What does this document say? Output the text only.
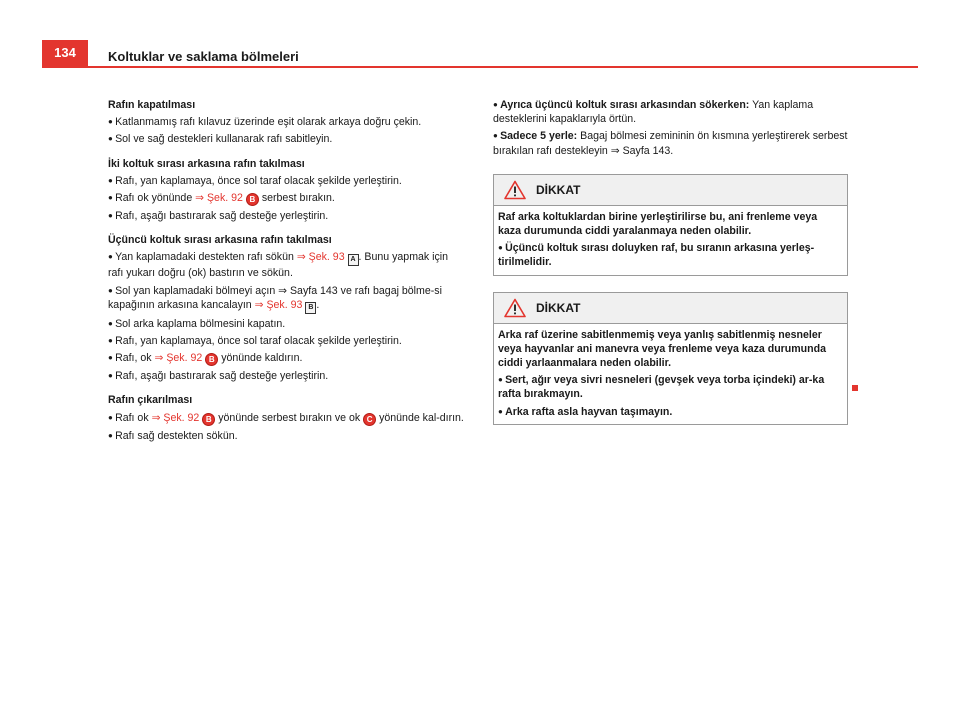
134	Koltuklar ve saklama bölmeleri
Rafın kapatılması

● Katlanmamış rafı kılavuz üzerinde eşit olarak arkaya doğru çekin.

● Sol ve sağ destekleri kullanarak rafı sabitleyin.

İki koltuk sırası arkasına rafın takılması

● Rafı, yan kaplamaya, önce sol taraf olacak şekilde yerleştirin.

● Rafı ok yönünde ⇒ Şek. 92 B serbest bırakın.

● Rafı, aşağı bastırarak sağ desteğe yerleştirin.

Üçüncü koltuk sırası arkasına rafın takılması

● Yan kaplamadaki destekten rafı sökün ⇒ Şek. 93 A . Bunu yapmak için rafı yukarı doğru (ok) bastırın ve sökün.

● Sol yan kaplamadaki bölmeyi açın ⇒ Sayfa 143 ve rafı bagaj bölme-si kapağının arkasına kancalayın ⇒ Şek. 93 B .

● Sol arka kaplama bölmesini kapatın.

● Rafı, yan kaplamaya, önce sol taraf olacak şekilde yerleştirin.

● Rafı, ok ⇒ Şek. 92 B yönünde kaldırın.

● Rafı, aşağı bastırarak sağ desteğe yerleştirin.

Rafın çıkarılması

● Rafı ok ⇒ Şek. 92 B yönünde serbest bırakın ve ok C yönünde kal-dırın.

● Rafı sağ destekten sökün.

● Ayrıca üçüncü koltuk sırası arkasından sökerken: Yan kaplama desteklerini kapaklarıyla örtün.

● Sadece 5 yerle: Bagaj bölmesi zemininin ön kısmına yerleştirerek serbest bırakılan rafı destekleyin ⇒ Sayfa 143.

DİKKAT

Raf arka koltuklardan birine yerleştirilirse bu, ani frenleme veya kaza durumunda ciddi yaralanmaya neden olabilir.

● Üçüncü koltuk sırası doluyken raf, bu sıranın arkasına yerleş-tirilmelidir.

DİKKAT

Arka raf üzerine sabitlenmemiş veya yanlış sabitlenmiş nesneler veya hayvanlar ani manevra veya frenleme veya kaza durumunda ciddi yarlaanmalara neden olabilir.

● Sert, ağır veya sivri nesneleri (gevşek veya torba içindeki) ar-ka rafta bırakmayın.

● Arka rafta asla hayvan taşımayın.
